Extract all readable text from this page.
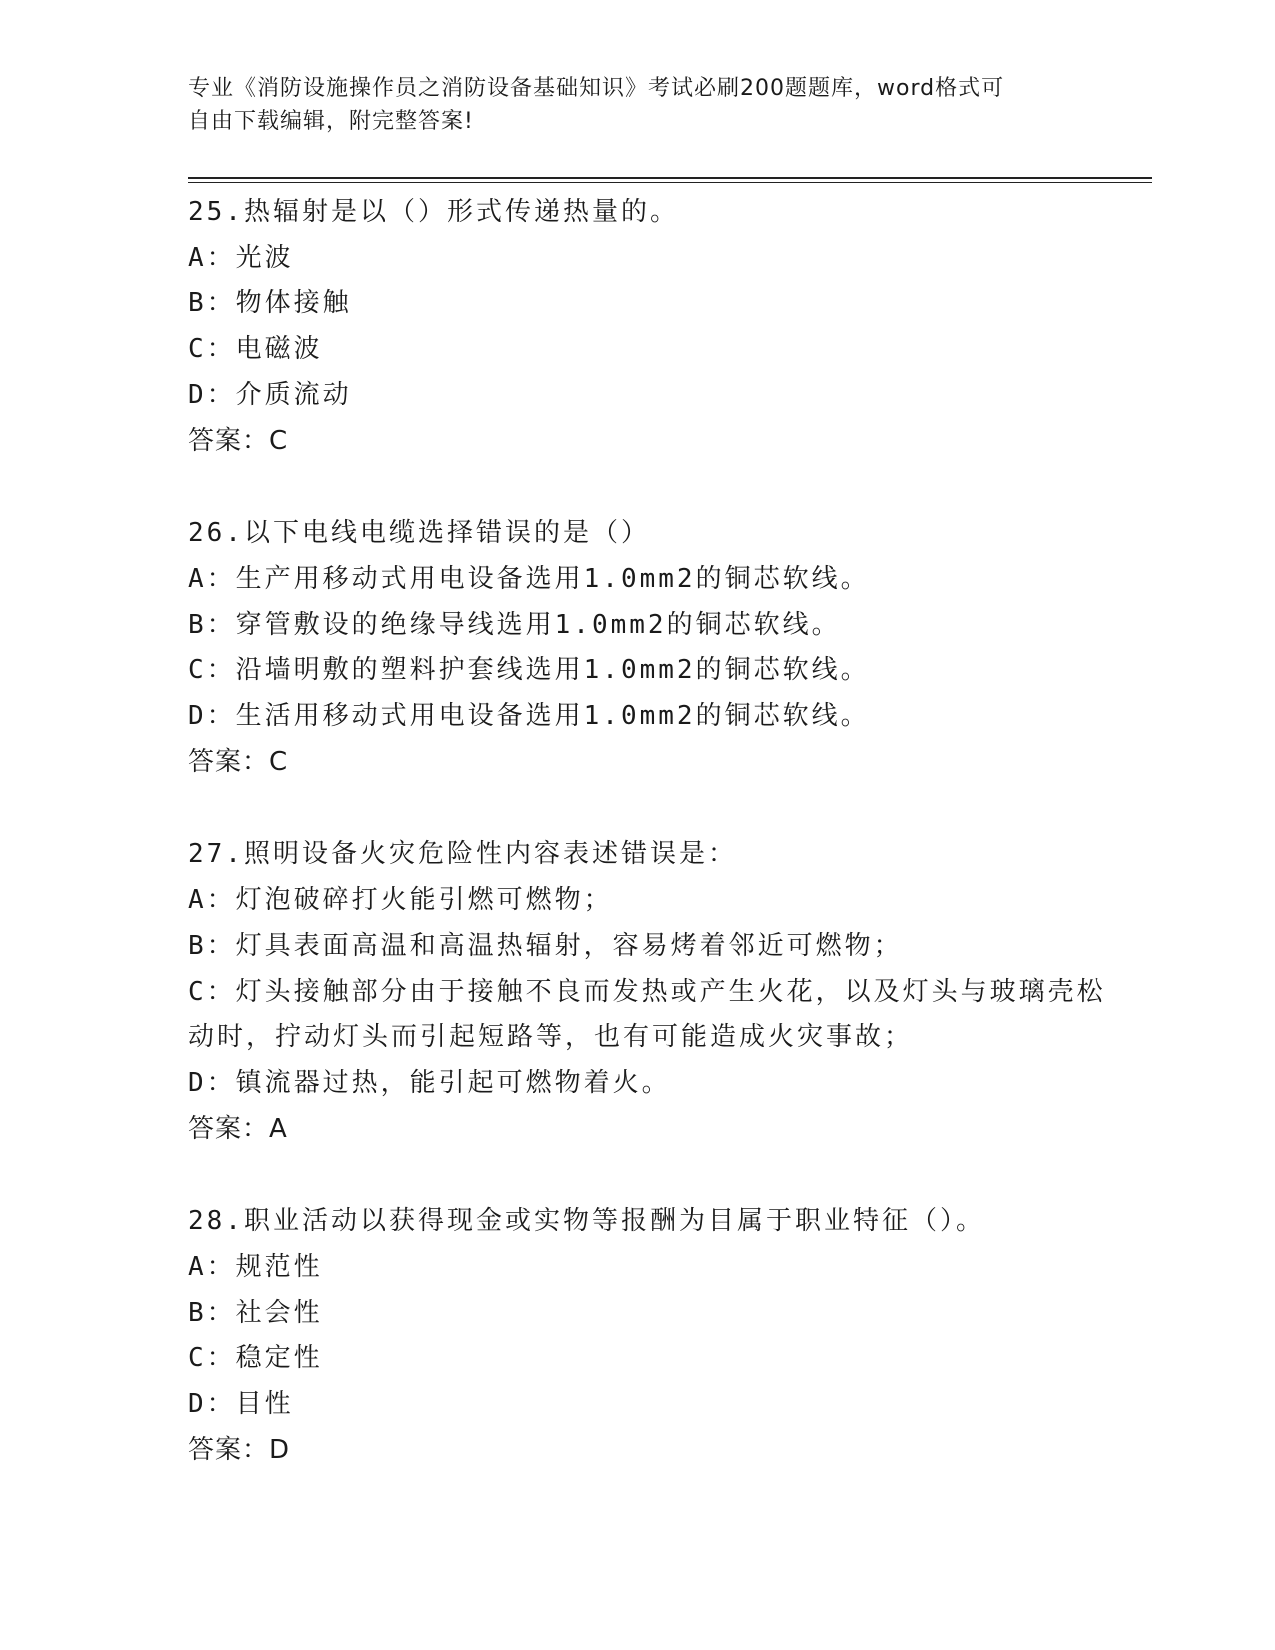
专业《消防设施操作员之消防设备基础知识》考试必刷200题题库，word格式可
自由下载编辑，附完整答案!
25.热辐射是以（）形式传递热量的。
A：光波
B：物体接触
C：电磁波
D：介质流动
答案：C
26.以下电线电缆选择错误的是（）
A：生产用移动式用电设备选用1.0mm2的铜芯软线。
B：穿管敷设的绝缘导线选用1.0mm2的铜芯软线。
C：沿墙明敷的塑料护套线选用1.0mm2的铜芯软线。
D：生活用移动式用电设备选用1.0mm2的铜芯软线。
答案：C
27.照明设备火灾危险性内容表述错误是：
A：灯泡破碎打火能引燃可燃物；
B：灯具表面高温和高温热辐射，容易烤着邻近可燃物；
C：灯头接触部分由于接触不良而发热或产生火花，以及灯头与玻璃壳松动时，拧动灯头而引起短路等，也有可能造成火灾事故；
D：镇流器过热，能引起可燃物着火。
答案：A
28.职业活动以获得现金或实物等报酬为目属于职业特征（）。
A：规范性
B：社会性
C：稳定性
D：目性
答案：D
